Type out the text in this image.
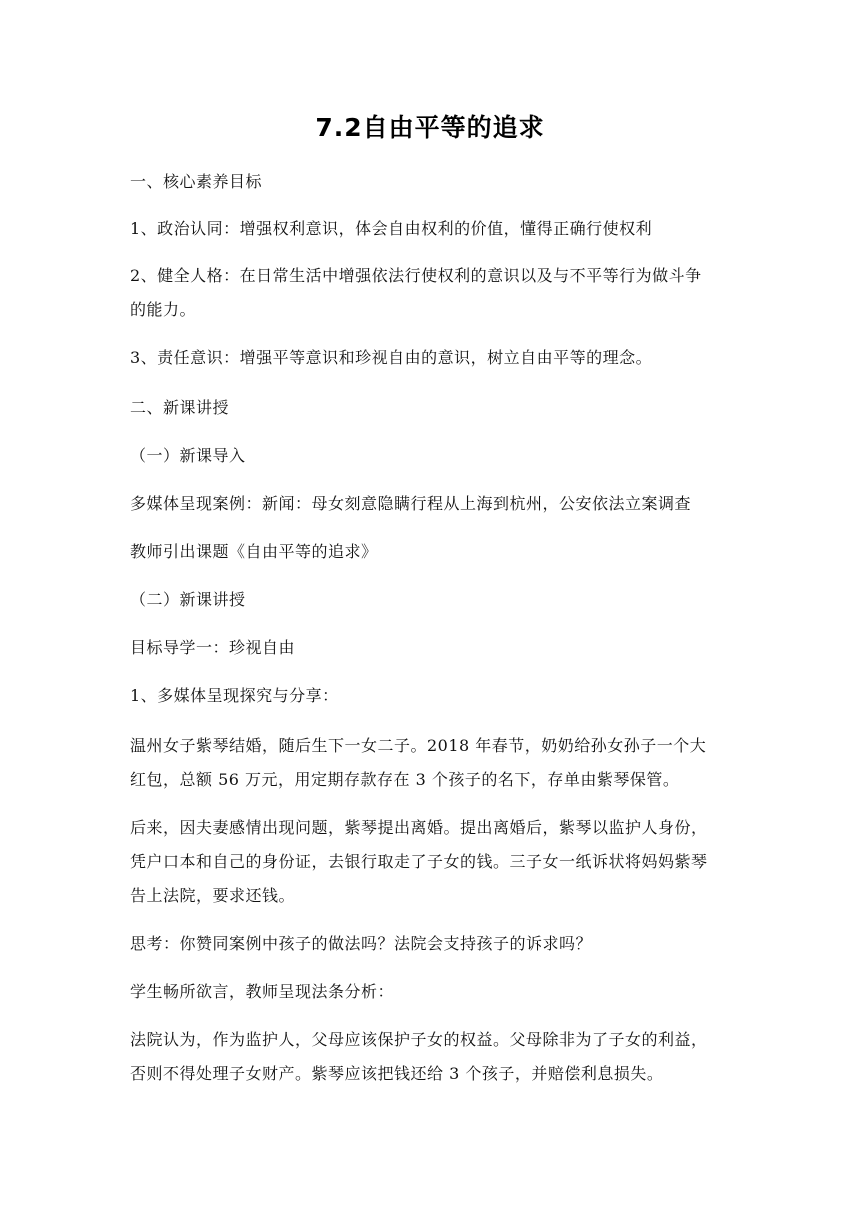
7.2自由平等的追求
一、核心素养目标
1、政治认同：增强权利意识，体会自由权利的价值，懂得正确行使权利
2、健全人格：在日常生活中增强依法行使权利的意识以及与不平等行为做斗争
的能力。
3、责任意识：增强平等意识和珍视自由的意识，树立自由平等的理念。
二、新课讲授
（一）新课导入
多媒体呈现案例：新闻：母女刻意隐瞒行程从上海到杭州，公安依法立案调查
教师引出课题《自由平等的追求》
（二）新课讲授
目标导学一：珍视自由
1、多媒体呈现探究与分享：
温州女子紫琴结婚，随后生下一女二子。2018 年春节，奶奶给孙女孙子一个大
红包，总额 56 万元，用定期存款存在 3 个孩子的名下，存单由紫琴保管。
后来，因夫妻感情出现问题，紫琴提出离婚。提出离婚后，紫琴以监护人身份，
凭户口本和自己的身份证，去银行取走了子女的钱。三子女一纸诉状将妈妈紫琴
告上法院，要求还钱。
思考：你赞同案例中孩子的做法吗？法院会支持孩子的诉求吗？
学生畅所欲言，教师呈现法条分析：
法院认为，作为监护人，父母应该保护子女的权益。父母除非为了子女的利益，
否则不得处理子女财产。紫琴应该把钱还给 3 个孩子，并赔偿利息损失。
